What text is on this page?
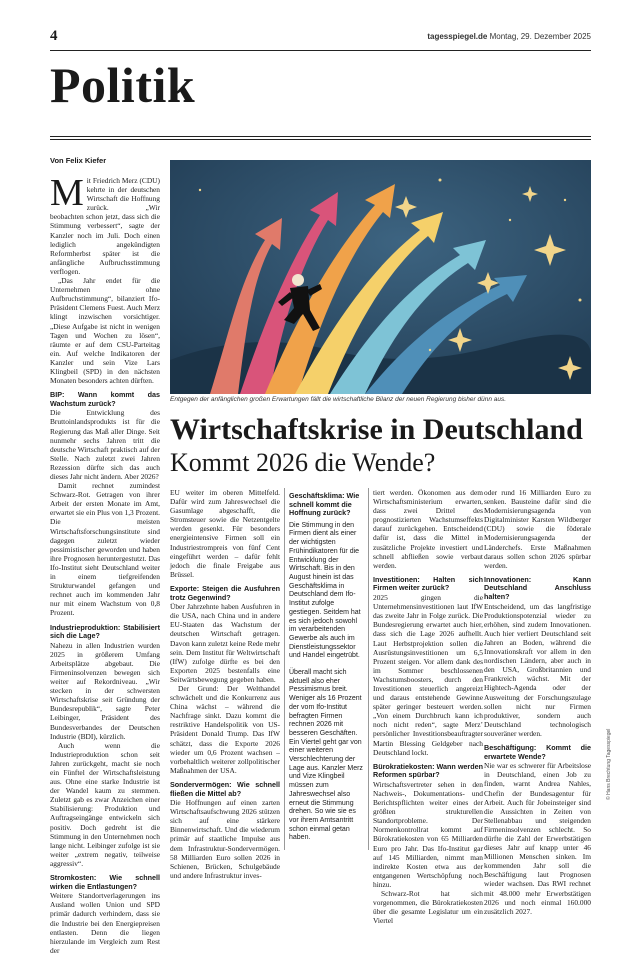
4	tagesspiegel.de Montag, 29. Dezember 2025
Politik
Von Felix Kiefer
Entgegen der anfänglichen großen Erwartungen fällt die wirtschaftliche Bilanz der neuen Regierung bisher dünn aus.
Wirtschaftskrise in Deutschland
Kommt 2026 die Wende?

Mit Friedrich Merz (CDU) kehrte in der deutschen Wirtschaft die Hoffnung zurück. „Wir beobachten schon jetzt, dass sich die Stimmung verbessert“, sagte der Kanzler noch im Juli. Doch einen lediglich angekündigten Reformherbst später ist die anfängliche Aufbruchsstimmung verflogen.

„Das Jahr endet für die Unternehmen ohne Aufbruchstimmung“, bilanziert Ifo-Präsident Clemens Fuest. Auch Merz klingt inzwischen vorsichtiger. „Diese Aufgabe ist nicht in wenigen Tagen und Wochen zu lösen“, räumte er auf dem CSU-Parteitag ein. Auf welche Indikatoren der Kanzler und sein Vize Lars Klingbeil (SPD) in den nächsten Monaten besonders achten dürften.

BIP: Wann kommt das Wachstum zurück?

Die Entwicklung des Bruttoinlandsprodukts ist für die Regierung das Maß aller Dinge. Seit nunmehr sechs Jahren tritt die deutsche Wirtschaft praktisch auf der Stelle. Nach zuletzt zwei Jahren Rezession dürfte sich das auch dieses Jahr nicht ändern. Aber 2026?

Damit rechnet zumindest Schwarz-Rot. Getragen von ihrer Arbeit der ersten Monate im Amt, erwartet sie ein Plus von 1,3 Prozent. Die meisten Wirtschaftsforschungsinstitute sind dagegen zuletzt wieder pessimistischer geworden und haben ihre Prognosen heruntergestutzt. Das Ifo-Institut sieht Deutschland weiter in einem tiefgreifenden Strukturwandel gefangen und rechnet auch im kommenden Jahr nur mit einem Wachstum von 0,8 Prozent.

Industrieproduktion: Stabilisiert sich die Lage?

Nahezu in allen Industrien wurden 2025 in größerem Umfang Arbeitsplätze abgebaut. Die Firmeninsolvenzen bewegen sich weiter auf Rekordniveau. „Wir stecken in der schwersten Wirtschaftskrise seit Gründung der Bundesrepublik“, sagte Peter Leibinger, Präsident des Bundesverbandes der Deutschen Industrie (BDI), kürzlich.

Auch wenn die Industrieproduktion schon seit Jahren zurückgeht, macht sie noch ein Fünftel der Wirtschaftsleistung aus. Ohne eine starke Industrie ist der Wandel kaum zu stemmen. Zuletzt gab es zwar Anzeichen einer Stabilisierung: Produktion und Auftragseingänge entwickeln sich positiv. Doch gedreht ist die Stimmung in den Unternehmen noch lange nicht. Leibinger zufolge ist sie weiter „extrem negativ, teilweise aggressiv“.

Stromkosten: Wie schnell wirken die Entlastungen?

Weitere Standortverlagerungen ins Ausland wollen Union und SPD primär dadurch verhindern, dass sie die Industrie bei den Energiepreisen entlasten. Denn die liegen hierzulande im Vergleich zum Rest der

EU weiter im oberen Mittelfeld. Dafür wird zum Jahreswechsel die Gasumlage abgeschafft, die Stromsteuer sowie die Netzentgelte werden gesenkt. Für besonders energieintensive Firmen soll ein Industriestrompreis von fünf Cent eingeführt werden – dafür fehlt jedoch die finale Freigabe aus Brüssel.

Exporte: Steigen die Ausfuhren trotz Gegenwind?

Über Jahrzehnte haben Ausfuhren in die USA, nach China und in andere EU-Staaten das Wachstum der deutschen Wirtschaft getragen. Davon kann zuletzt keine Rede mehr sein. Dem Institut für Weltwirtschaft (IfW) zufolge dürfte es bei den Exporten 2025 bestenfalls eine Seitwärtsbewegung gegeben haben.

Der Grund: Der Welthandel schwächelt und die Konkurrenz aus China wächst – während die Nachfrage sinkt. Dazu kommt die restriktive Handelspolitik von US-Präsident Donald Trump. Das IfW schätzt, dass die Exporte 2026 wieder um 0,6 Prozent wachsen – vorbehaltlich weiterer zollpolitischer Maßnahmen der USA.

Sondervermögen: Wie schnell fließen die Mittel ab?

Die Hoffnungen auf einen zarten Wirtschaftsaufschwung 2026 stützen sich auf eine stärkere Binnenwirtschaft. Und die wiederum primär auf staatliche Impulse aus dem Infrastruktur-Sondervermögen. 58 Milliarden Euro sollen 2026 in Schienen, Brücken, Schulgebäude und andere Infrastruktur inves-

Geschäftsklima: Wie schnell kommt die Hoffnung zurück?

Die Stimmung in den Firmen dient als einer der wichtigsten Frühindikatoren für die Entwicklung der Wirtschaft. Bis in den August hinein ist das Geschäftsklima in Deutschland dem Ifo-Institut zufolge gestiegen. Seitdem hat es sich jedoch sowohl im verarbeitenden Gewerbe als auch im Dienstleistungssektor und Handel eingetrübt.

Überall macht sich aktuell also eher Pessimismus breit. Weniger als 16 Prozent der vom Ifo-Institut befragten Firmen rechnen 2026 mit besseren Geschäften. Ein Viertel geht gar von einer weiteren Verschlechterung der Lage aus. Kanzler Merz und Vize Klingbeil müssen zum Jahreswechsel also erneut die Stimmung drehen. So wie sie es vor ihrem Amtsantritt schon einmal getan haben.

tiert werden. Ökonomen aus dem Wirtschaftsministerium erwarten, dass zwei Drittel des prognostizierten Wachstumseffekts darauf zurückgehen. Entscheidend dafür ist, dass die Mittel in zusätzliche Projekte investiert und schnell abfließen sowie verbaut werden.

Investitionen: Halten sich Firmen weiter zurück?

2025 gingen die Unternehmensinvestitionen laut IfW das zweite Jahr in Folge zurück. Die Bundesregierung erwartet auch hier, dass sich die Lage 2026 aufhellt. Laut Herbstprojektion sollen die Ausrüstungsinvestitionen um 6,5 Prozent steigen. Vor allem dank des im Sommer beschlossenen Wachstumsboosters, durch den Investitionen steuerlich angereizt und daraus entstehende Gewinne später geringer besteuert werden. „Von einem Durchbruch kann ich noch nicht reden“, sagte Merz’ persönlicher Investitionsbeauftragter Martin Blessing Geldgeber nach Deutschland lockt.

Bürokratiekosten: Wann werden Reformen spürbar?

Wirtschaftsvertreter sehen in den Nachweis-, Dokumentations- und Berichtspflichten weiter eines der größten strukturellen Standortprobleme. Der Normenkontrollrat kommt auf Bürokratiekosten von 65 Milliarden Euro pro Jahr. Das Ifo-Institut gar auf 145 Milliarden, nimmt man indirekte Kosten etwa aus der entgangenen Wertschöpfung noch hinzu.

Schwarz-Rot hat sich vorgenommen, die Bürokratiekosten über die gesamte Legislatur um ein Viertel

oder rund 16 Milliarden Euro zu senken. Bausteine dafür sind die Modernisierungsagenda von Digitalminister Karsten Wildberger (CDU) sowie die föderale Modernisierungsagenda der Länderchefs. Erste Maßnahmen daraus sollen schon 2026 spürbar werden.

Innovationen: Kann Deutschland Anschluss halten?

Entscheidend, um das langfristige Produktionspotenzial wieder zu erhöhen, sind zudem Innovationen. Auch hier verliert Deutschland seit Jahren an Boden, während die Innovationskraft vor allem in den nordischen Ländern, aber auch in den USA, Großbritannien und Frankreich wächst. Mit der Hightech-Agenda oder der Ausweitung der Forschungszulage sollen nicht nur Firmen produktiver, sondern auch Deutschland technologisch souveräner werden.

Beschäftigung: Kommt die erwartete Wende?

Nie war es schwerer für Arbeitslose in Deutschland, einen Job zu finden, warnt Andrea Nahles, Chefin der Bundesagentur für Arbeit. Auch für Jobeinsteiger sind die Aussichten in Zeiten von Stellenabbau und steigenden Firmeninsolvenzen schlecht. So dürfte die Zahl der Erwerbstätigen dieses Jahr auf knapp unter 46 Millionen Menschen sinken. Im kommenden Jahr soll die Beschäftigung laut Prognosen wieder wachsen. Das RWI rechnet mit 48.000 mehr Erwerbstätigen 2026 und noch einmal 160.000 zusätzlich 2027.

© Hans Brechtung Tagesspiegel
